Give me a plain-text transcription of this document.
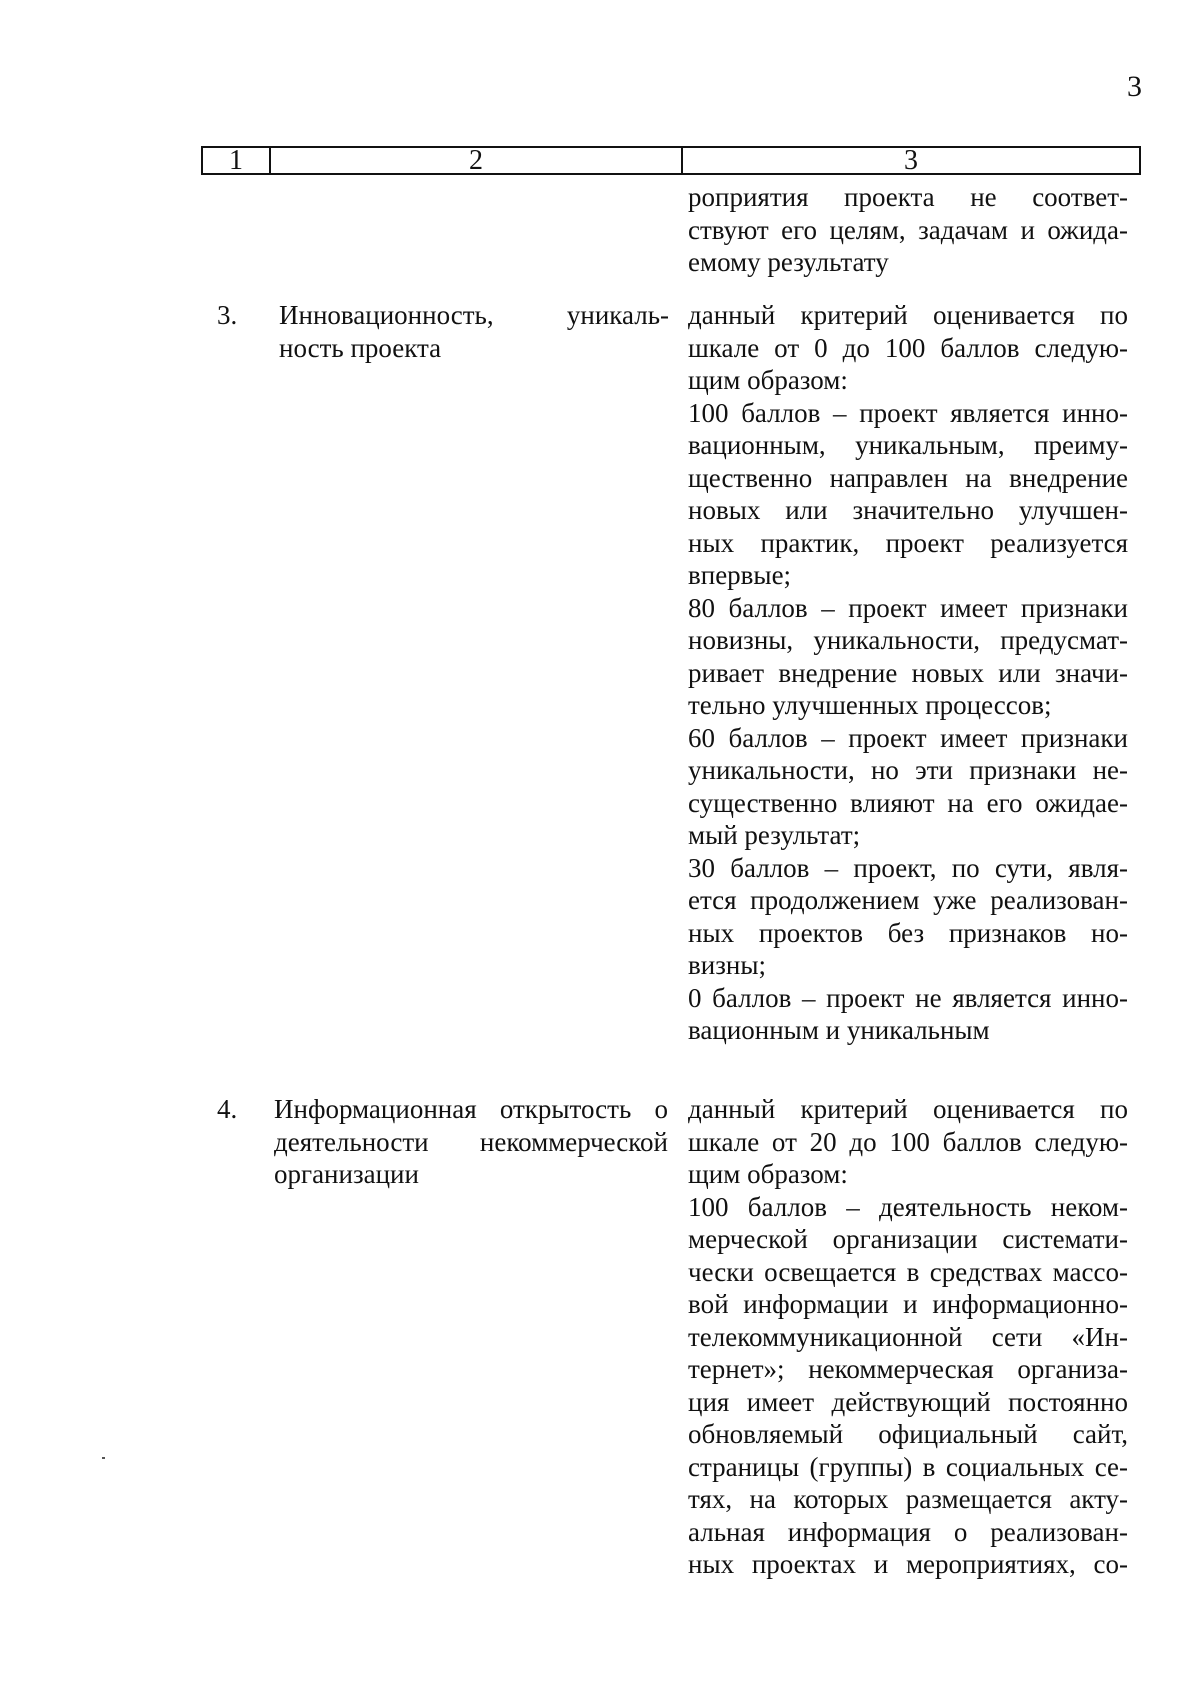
3
1	2	3

роприятия проекта не соответ-

ствуют его целям, задачам и ожида-

емому результату

3. Инновационность, уникаль-
ность проекта

данный критерий оценивается по
шкале от 0 до 100 баллов следую-
щим образом:

100 баллов – проект является инно-
вационным, уникальным, преиму-
щественно направлен на внедрение
новых или значительно улучшен-
ных практик, проект реализуется
впервые;

80 баллов – проект имеет признаки
новизны, уникальности, предусмат-
ривает внедрение новых или значи-
тельно улучшенных процессов;

60 баллов – проект имеет признаки
уникальности, но эти признаки не-
существенно влияют на его ожидае-
мый результат;

30 баллов – проект, по сути, явля-
ется продолжением уже реализован-
ных проектов без признаков но-
визны;

0 баллов – проект не является инно-
вационным и уникальным

4. Информационная открытость о
деятельности некоммерческой
организации

данный критерий оценивается по
шкале от 20 до 100 баллов следую-
щим образом:

100 баллов – деятельность неком-
мерческой организации системати-
чески освещается в средствах массо-
вой информации и информационно-
телекоммуникационной сети «Ин-
тернет»; некоммерческая организа-
ция имеет действующий постоянно
обновляемый официальный сайт,
страницы (группы) в социальных се-
тях, на которых размещается акту-
альная информация о реализован-
ных проектах и мероприятиях, со-
